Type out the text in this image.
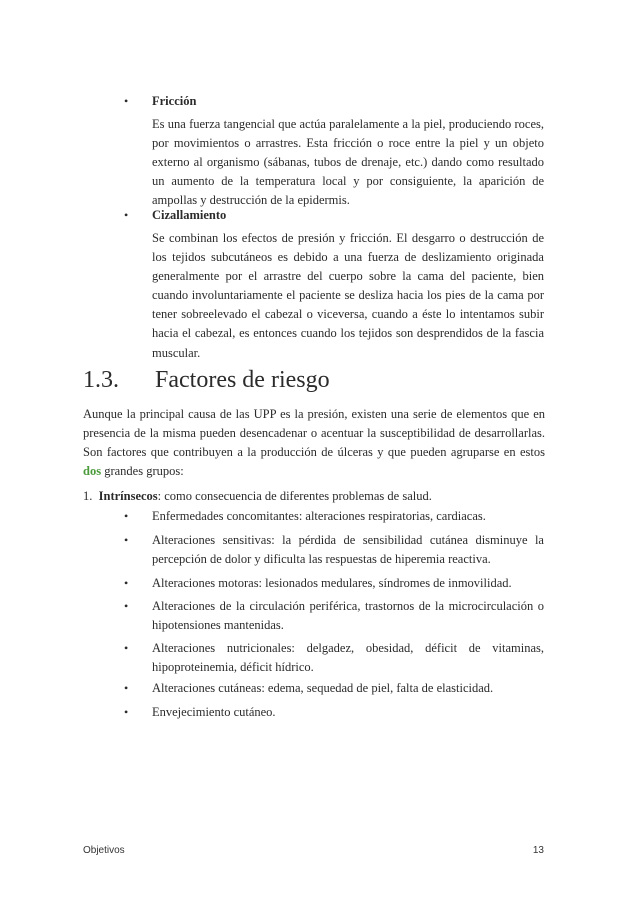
• Fricción

Es una fuerza tangencial que actúa paralelamente a la piel, produciendo roces, por movimientos o arrastres. Esta fricción o roce entre la piel y un objeto externo al organismo (sábanas, tubos de drenaje, etc.) dando como resultado un aumento de la temperatura local y por consiguiente, la aparición de ampollas y destrucción de la epidermis.

• Cizallamiento

Se combinan los efectos de presión y fricción. El desgarro o destrucción de los tejidos subcutáneos es debido a una fuerza de deslizamiento originada generalmente por el arrastre del cuerpo sobre la cama del paciente, bien cuando involuntariamente el paciente se desliza hacia los pies de la cama por tener sobreelevado el cabezal o viceversa, cuando a éste lo intentamos subir hacia el cabezal, es entonces cuando los tejidos son desprendidos de la fascia muscular.

1.3. Factores de riesgo

Aunque la principal causa de las UPP es la presión, existen una serie de elementos que en presencia de la misma pueden desencadenar o acentuar la susceptibilidad de desarrollarlas. Son factores que contribuyen a la producción de úlceras y que pueden agruparse en estos dos grandes grupos:

1. Intrínsecos: como consecuencia de diferentes problemas de salud.
• Enfermedades concomitantes: alteraciones respiratorias, cardiacas.

• Alteraciones sensitivas: la pérdida de sensibilidad cutánea disminuye la percepción de dolor y dificulta las respuestas de hiperemia reactiva.

• Alteraciones motoras: lesionados medulares, síndromes de inmovilidad.

• Alteraciones de la circulación periférica, trastornos de la microcirculación o hipotensiones mantenidas.

• Alteraciones nutricionales: delgadez, obesidad, déficit de vitaminas, hipoproteinemia, déficit hídrico.

• Alteraciones cutáneas: edema, sequedad de piel, falta de elasticidad.

• Envejecimiento cutáneo.

Objetivos	13
